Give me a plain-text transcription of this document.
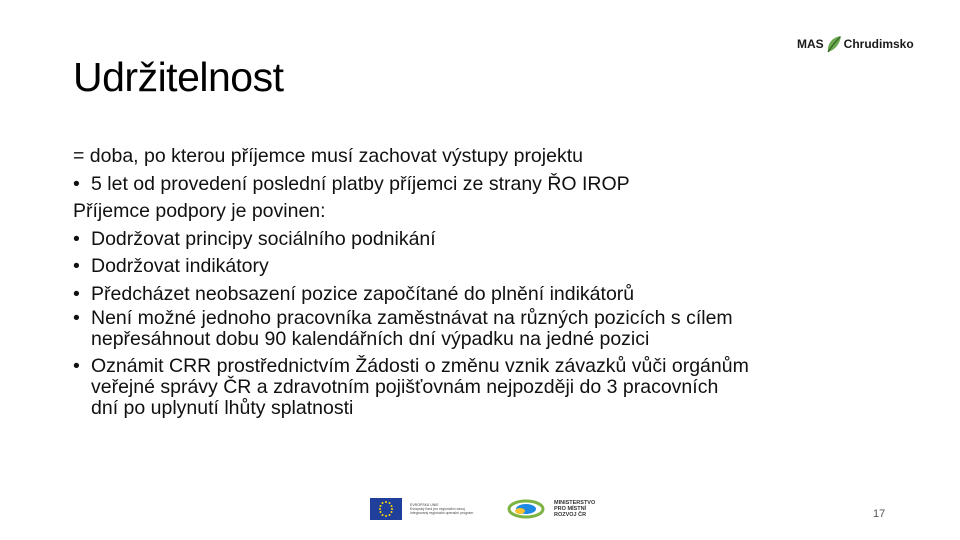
Udržitelnost
MAS Chrudimsko
= doba, po kterou příjemce musí zachovat výstupy projektu
• 5 let od provedení poslední platby příjemci ze strany ŘO IROP
Příjemce podpory je povinen:
• Dodržovat principy sociálního podnikání
• Dodržovat indikátory
• Předcházet neobsazení pozice započítané do plnění indikátorů
• Není možné jednoho pracovníka zaměstnávat na různých pozicích s cílem
nepřesáhnout dobu 90 kalendářních dní výpadku na jedné pozici
• Oznámit CRR prostřednictvím Žádosti o změnu vznik závazků vůči orgánům
veřejné správy ČR a zdravotním pojišťovnám nejpozději do 3 pracovních
dní po uplynutí lhůty splatnosti
EVROPSKÁ UNIE
Evropský fond pro regionální rozvoj
Integrovaný regionální operační program
MINISTERSTVO
PRO MÍSTNÍ
ROZVOJ ČR	17
